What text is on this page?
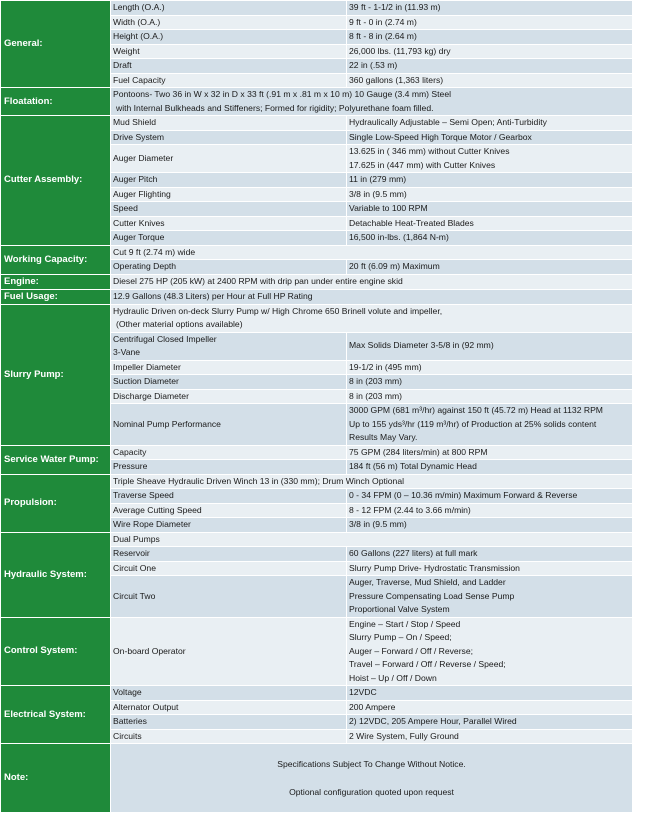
General:	Length (O.A.)	39 ft - 1-1/2 in (11.93 m)
	Width (O.A.)	9 ft - 0 in (2.74 m)
	Height (O.A.)	8 ft - 8 in (2.64 m)
	Weight	26,000 lbs. (11,793 kg) dry
	Draft	22 in (.53 m)
	Fuel Capacity	360 gallons (1,363 liters)
Floatation:	Pontoons- Two 36 in W x 32 in D x 33 ft (.91 m x .81 m x 10 m) 10 Gauge (3.4 mm) Steel
with Internal Bulkheads and Stiffeners; Formed for rigidity; Polyurethane foam filled.	

Cutter Assembly:	Mud Shield	Hydraulically Adjustable – Semi Open; Anti-Turbidity
	Drive System	Single Low-Speed High Torque Motor / Gearbox
	Auger Diameter	13.625 in ( 346 mm) without Cutter Knives
17.625 in (447 mm) with Cutter Knives

	Auger Pitch	11 in (279 mm)
	Auger Flighting	3/8 in (9.5 mm)
	Speed	Variable to 100 RPM
	Cutter Knives	Detachable Heat-Treated Blades
	Auger Torque	16,500 in-lbs. (1,864 N-m)
Working Capacity:	Cut 9 ft (2.74 m) wide	
	Operating Depth	20 ft (6.09 m) Maximum
Engine:	Diesel 275 HP (205 kW) at 2400 RPM with drip pan under entire engine skid	
Fuel Usage:	12.9 Gallons (48.3 Liters) per Hour at Full HP Rating	
Slurry Pump:	Hydraulic Driven on-deck Slurry Pump w/ High Chrome 650 Brinell volute and impeller,
(Other material options available)	

	Centrifugal Closed Impeller
3-Vane	Max Solids Diameter 3-5/8 in (92 mm)
	Impeller Diameter	19-1/2 in (495 mm)
	Suction Diameter	8 in (203 mm)
	Discharge Diameter	8 in (203 mm)
	Nominal Pump Performance	3000 GPM (681 m³/hr) against 150 ft (45.72 m) Head at 1132 RPM
Up to 155 yds³/hr (119 m³/hr) of Production at 25% solids content
Results May Vary.

Service Water Pump:	Capacity	75 GPM (284 liters/min) at 800 RPM
	Pressure	184 ft (56 m) Total Dynamic Head
Propulsion:	Triple Sheave Hydraulic Driven Winch 13 in (330 mm); Drum Winch Optional	
	Traverse Speed	0 - 34 FPM (0 – 10.36 m/min) Maximum Forward & Reverse
	Average Cutting Speed	8 - 12 FPM (2.44 to 3.66 m/min)
	Wire Rope Diameter	3/8 in (9.5 mm)
Hydraulic System:	Dual Pumps	
	Reservoir	60 Gallons (227 liters) at full mark
	Circuit One	Slurry Pump Drive- Hydrostatic Transmission
	Circuit Two	Auger, Traverse, Mud Shield, and Ladder
Pressure Compensating Load Sense Pump
Proportional Valve System

Control System:	On-board Operator	Engine – Start / Stop / Speed
Slurry Pump – On / Speed;
Auger – Forward / Off / Reverse;
Travel – Forward / Off / Reverse / Speed;
Hoist – Up / Off / Down

Electrical System:	Voltage	12VDC
	Alternator Output	200 Ampere
	Batteries	2) 12VDC, 205 Ampere Hour, Parallel Wired
	Circuits	2 Wire System, Fully Ground
Note:	Specifications Subject To Change Without Notice.

Optional configuration quoted upon request	
